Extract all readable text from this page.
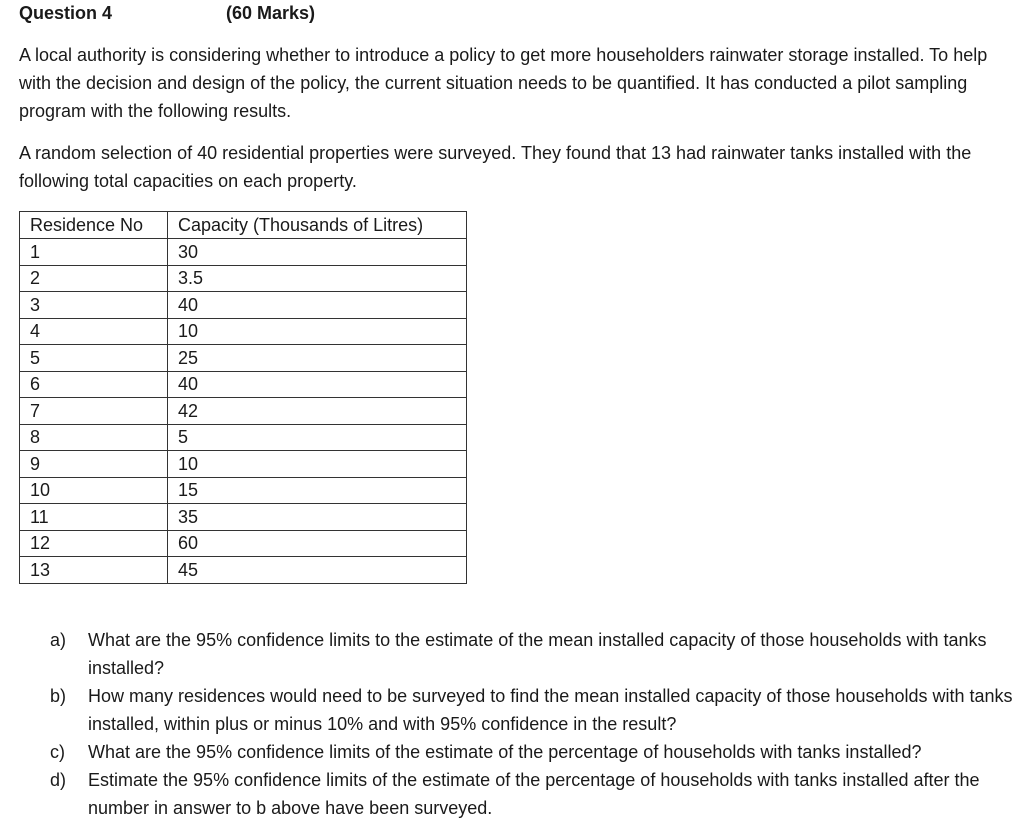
Question 4	(60 Marks)

A local authority is considering whether to introduce a policy to get more householders rainwater storage installed. To help with the decision and design of the policy, the current situation needs to be quantified. It has conducted a pilot sampling program with the following results.

A random selection of 40 residential properties were surveyed. They found that 13 had rainwater tanks installed with the following total capacities on each property.

Residence No	Capacity (Thousands of Litres)
1	30
2	3.5
3	40
4	10
5	25
6	40
7	42
8	5
9	10
10	15
11	35
12	60
13	45
a)	What are the 95% confidence limits to the estimate of the mean installed capacity of those households with tanks installed?
b)	How many residences would need to be surveyed to find the mean installed capacity of those households with tanks installed, within plus or minus 10% and with 95% confidence in the result?
c)	What are the 95% confidence limits of the estimate of the percentage of households with tanks installed?
d)	Estimate the 95% confidence limits of the estimate of the percentage of households with tanks installed after the number in answer to b above have been surveyed.
